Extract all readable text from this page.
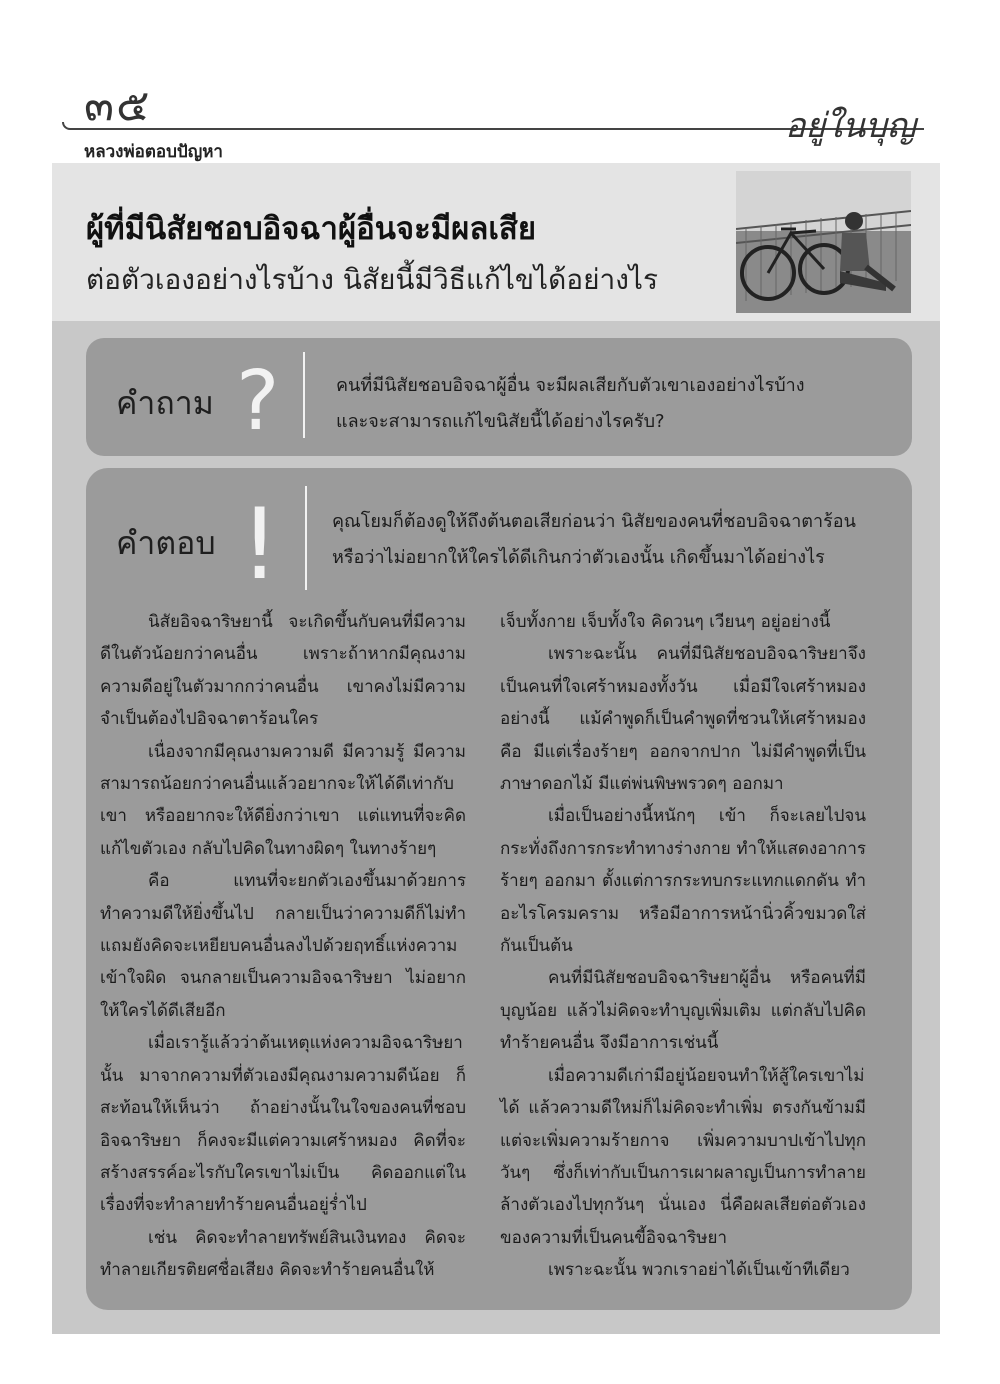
๓๕	อยู่ในบุญ
หลวงพ่อตอบปัญหา
ผู้ที่มีนิสัยชอบอิจฉาผู้อื่นจะมีผลเสีย
ต่อตัวเองอย่างไรบ้าง นิสัยนี้มีวิธีแก้ไขได้อย่างไร
คำถาม ?	คนที่มีนิสัยชอบอิจฉาผู้อื่น จะมีผลเสียกับตัวเขาเองอย่างไรบ้าง
และจะสามารถแก้ไขนิสัยนี้ได้อย่างไรครับ?
คำตอบ !	คุณโยมก็ต้องดูให้ถึงต้นตอเสียก่อนว่า นิสัยของคนที่ชอบอิจฉาตาร้อน
หรือว่าไม่อยากให้ใครได้ดีเกินกว่าตัวเองนั้น เกิดขึ้นมาได้อย่างไร

นิสัยอิจฉาริษยานี้ จะเกิดขึ้นกับคนที่มีความดีในตัวน้อยกว่าคนอื่น เพราะถ้าหากมีคุณงามความดีอยู่ในตัวมากกว่าคนอื่น เขาคงไม่มีความจำเป็นต้องไปอิจฉาตาร้อนใคร

เนื่องจากมีคุณงามความดี มีความรู้ มีความสามารถน้อยกว่าคนอื่นแล้วอยากจะให้ได้ดีเท่ากับเขา หรืออยากจะให้ดียิ่งกว่าเขา แต่แทนที่จะคิดแก้ไขตัวเอง กลับไปคิดในทางผิดๆ ในทางร้ายๆ

คือ แทนที่จะยกตัวเองขึ้นมาด้วยการทำความดีให้ยิ่งขึ้นไป กลายเป็นว่าความดีก็ไม่ทำ แถมยังคิดจะเหยียบคนอื่นลงไปด้วยฤทธิ์แห่งความเข้าใจผิด จนกลายเป็นความอิจฉาริษยา ไม่อยากให้ใครได้ดีเสียอีก

เมื่อเรารู้แล้วว่าต้นเหตุแห่งความอิจฉาริษยานั้น มาจากความที่ตัวเองมีคุณงามความดีน้อย ก็สะท้อนให้เห็นว่า ถ้าอย่างนั้นในใจของคนที่ชอบอิจฉาริษยา ก็คงจะมีแต่ความเศร้าหมอง คิดที่จะสร้างสรรค์อะไรกับใครเขาไม่เป็น คิดออกแต่ในเรื่องที่จะทำลายทำร้ายคนอื่นอยู่ร่ำไป

เช่น คิดจะทำลายทรัพย์สินเงินทอง คิดจะทำลายเกียรติยศชื่อเสียง คิดจะทำร้ายคนอื่นให้

เจ็บทั้งกาย เจ็บทั้งใจ คิดวนๆ เวียนๆ อยู่อย่างนี้

เพราะฉะนั้น คนที่มีนิสัยชอบอิจฉาริษยาจึงเป็นคนที่ใจเศร้าหมองทั้งวัน เมื่อมีใจเศร้าหมองอย่างนี้ แม้คำพูดก็เป็นคำพูดที่ชวนให้เศร้าหมอง คือ มีแต่เรื่องร้ายๆ ออกจากปาก ไม่มีคำพูดที่เป็นภาษาดอกไม้ มีแต่พ่นพิษพรวดๆ ออกมา

เมื่อเป็นอย่างนี้หนักๆ เข้า ก็จะเลยไปจนกระทั่งถึงการกระทำทางร่างกาย ทำให้แสดงอาการร้ายๆ ออกมา ตั้งแต่การกระทบกระแทกแดกดัน ทำอะไรโครมคราม หรือมีอาการหน้านิ่วคิ้วขมวดใส่กันเป็นต้น

คนที่มีนิสัยชอบอิจฉาริษยาผู้อื่น หรือคนที่มีบุญน้อย แล้วไม่คิดจะทำบุญเพิ่มเติม แต่กลับไปคิดทำร้ายคนอื่น จึงมีอาการเช่นนี้

เมื่อความดีเก่ามีอยู่น้อยจนทำให้สู้ใครเขาไม่ได้ แล้วความดีใหม่ก็ไม่คิดจะทำเพิ่ม ตรงกันข้ามมีแต่จะเพิ่มความร้ายกาจ เพิ่มความบาปเข้าไปทุกวันๆ ซึ่งก็เท่ากับเป็นการเผาผลาญเป็นการทำลายล้างตัวเองไปทุกวันๆ นั่นเอง นี่คือผลเสียต่อตัวเองของความที่เป็นคนขี้อิจฉาริษยา

เพราะฉะนั้น พวกเราอย่าได้เป็นเข้าทีเดียว
